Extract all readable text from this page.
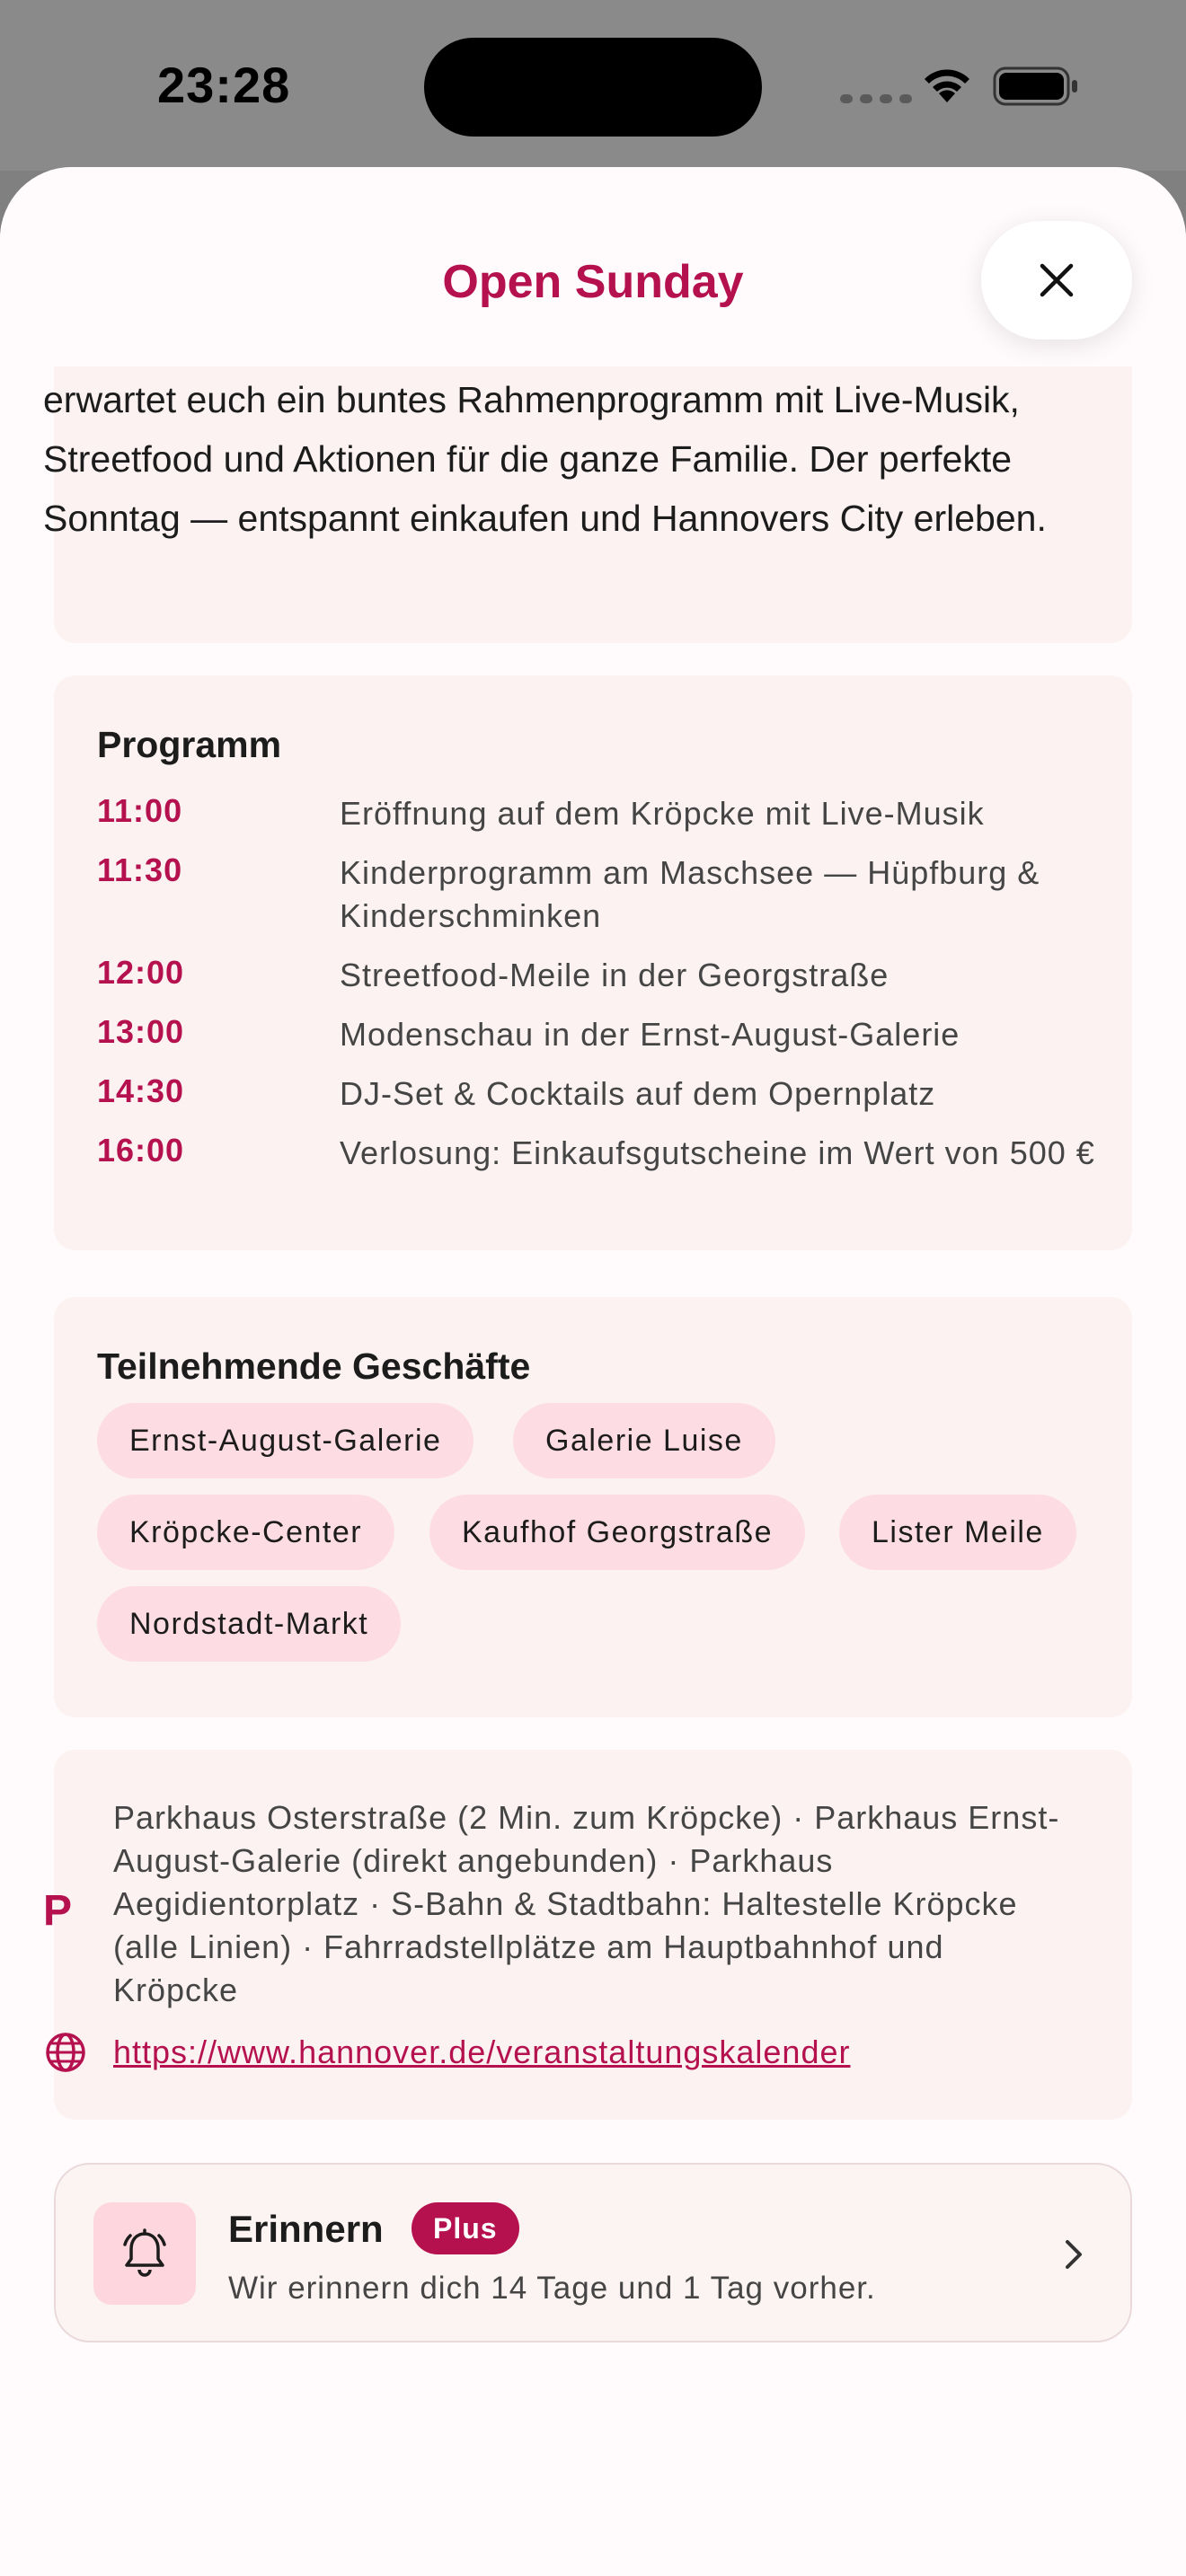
23:28
erwartet euch ein buntes Rahmenprogramm mit Live-Musik, Streetfood und Aktionen für die ganze Familie. Der perfekte Sonntag — entspannt einkaufen und Hannovers City erleben.
Open Sunday
Programm
11:00	Eröffnung auf dem Kröpcke mit Live-Musik
11:30	Kinderprogramm am Maschsee — Hüpfburg & Kinderschminken
12:00	Streetfood-Meile in der Georgstraße
13:00	Modenschau in der Ernst-August-Galerie
14:30	DJ-Set & Cocktails auf dem Opernplatz
16:00	Verlosung: Einkaufsgutscheine im Wert von 500 €
Teilnehmende Geschäfte
Ernst-August-Galerie	Galerie Luise
Kröpcke-Center	Kaufhof Georgstraße	Lister Meile
Nordstadt-Markt
P
Parkhaus Osterstraße (2 Min. zum Kröpcke) · Parkhaus Ernst-August-Galerie (direkt angebunden) · Parkhaus Aegidientorplatz · S-Bahn & Stadtbahn: Haltestelle Kröpcke (alle Linien) · Fahrradstellplätze am Hauptbahnhof und Kröpcke
https://www.hannover.de/veranstaltungskalender
Erinnern	Plus
Wir erinnern dich 14 Tage und 1 Tag vorher.
